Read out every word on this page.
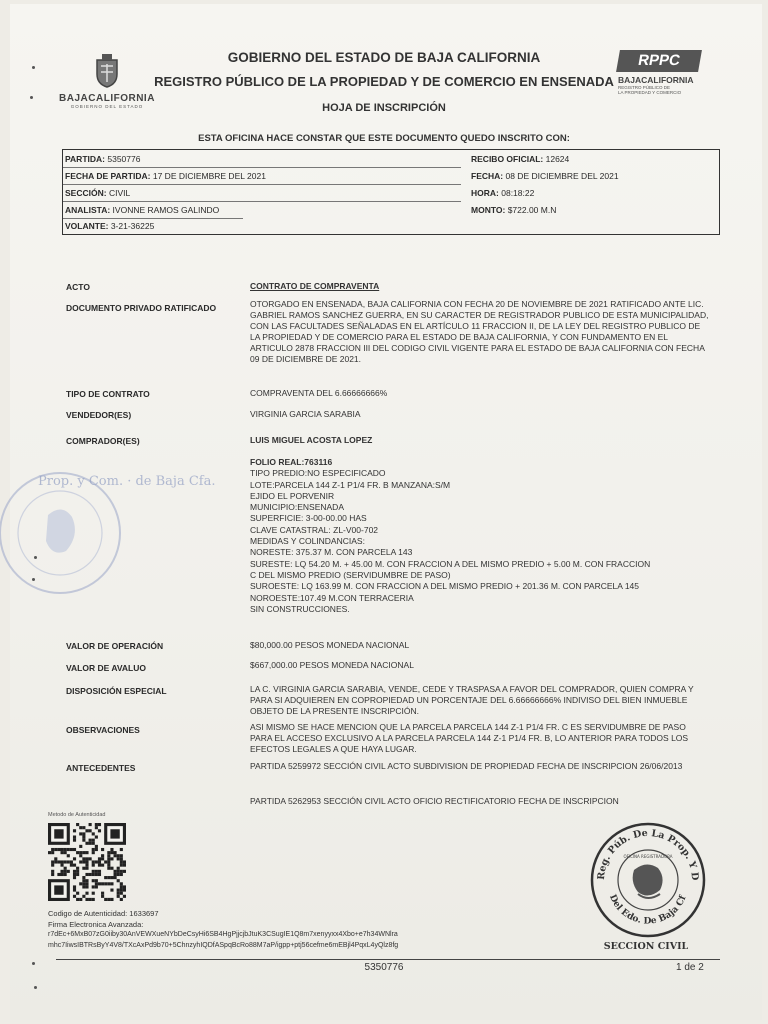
BAJACALIFORNIA
GOBIERNO DEL ESTADO
RPPC
BAJACALIFORNIA
REGISTRO PÚBLICO DE
LA PROPIEDAD Y COMERCIO
GOBIERNO DEL ESTADO DE BAJA CALIFORNIA
REGISTRO PÚBLICO DE LA PROPIEDAD Y DE COMERCIO EN ENSENADA
HOJA DE INSCRIPCIÓN
ESTA OFICINA HACE CONSTAR QUE ESTE DOCUMENTO QUEDO INSCRITO CON:
PARTIDA: 5350776
FECHA DE PARTIDA: 17 DE DICIEMBRE DEL 2021
SECCIÓN: CIVIL
ANALISTA: IVONNE RAMOS GALINDO
VOLANTE: 3-21-36225
RECIBO OFICIAL: 12624
FECHA: 08 DE DICIEMBRE DEL 2021
HORA: 08:18:22
MONTO: $722.00 M.N
ACTO	CONTRATO DE COMPRAVENTA
DOCUMENTO PRIVADO RATIFICADO	OTORGADO EN ENSENADA, BAJA CALIFORNIA CON FECHA 20 DE NOVIEMBRE DE 2021 RATIFICADO ANTE LIC. GABRIEL RAMOS SANCHEZ GUERRA, EN SU CARACTER DE REGISTRADOR PUBLICO DE ESTA MUNICIPALIDAD, CON LAS FACULTADES SEÑALADAS EN EL ARTÍCULO 11 FRACCION II, DE LA LEY DEL REGISTRO PUBLICO DE LA PROPIEDAD Y DE COMERCIO PARA EL ESTADO DE BAJA CALIFORNIA, Y CON FUNDAMENTO EN EL ARTICULO 2878 FRACCION III DEL CODIGO CIVIL VIGENTE PARA EL ESTADO DE BAJA CALIFORNIA CON FECHA 09 DE DICIEMBRE DE 2021.
TIPO DE CONTRATO	COMPRAVENTA DEL 6.66666666%
VENDEDOR(ES)	VIRGINIA GARCIA SARABIA
COMPRADOR(ES)	LUIS MIGUEL ACOSTA LOPEZ
FOLIO REAL:763116
TIPO PREDIO:NO ESPECIFICADO
LOTE:PARCELA 144 Z-1 P1/4 FR. B MANZANA:S/M
EJIDO EL PORVENIR
MUNICIPIO:ENSENADA
SUPERFICIE: 3-00-00.00 HAS
CLAVE CATASTRAL: ZL-V00-702
MEDIDAS Y COLINDANCIAS:
NORESTE: 375.37 M. CON PARCELA 143
SURESTE: LQ 54.20 M. + 45.00 M. CON FRACCION A DEL MISMO PREDIO + 5.00 M. CON FRACCION
C DEL MISMO PREDIO (SERVIDUMBRE DE PASO)
SUROESTE: LQ 163.99 M. CON FRACCION A DEL MISMO PREDIO + 201.36 M. CON PARCELA 145
NOROESTE:107.49 M.CON TERRACERIA
SIN CONSTRUCCIONES.
VALOR DE OPERACIÓN	$80,000.00 PESOS MONEDA NACIONAL
VALOR DE AVALUO	$667,000.00 PESOS MONEDA NACIONAL
DISPOSICIÓN ESPECIAL	LA C. VIRGINIA GARCIA SARABIA, VENDE, CEDE Y TRASPASA A FAVOR DEL COMPRADOR, QUIEN COMPRA Y PARA SI ADQUIEREN EN COPROPIEDAD UN PORCENTAJE DEL 6.66666666% INDIVISO DEL BIEN INMUEBLE OBJETO DE LA PRESENTE INSCRIPCIÓN.
OBSERVACIONES	ASI MISMO SE HACE MENCION QUE LA PARCELA PARCELA 144 Z-1 P1/4 FR. C ES SERVIDUMBRE DE PASO PARA EL ACCESO EXCLUSIVO A LA PARCELA PARCELA 144 Z-1 P1/4 FR. B, LO ANTERIOR PARA TODOS LOS EFECTOS LEGALES A QUE HAYA LUGAR.
ANTECEDENTES	PARTIDA 5259972 SECCIÓN CIVIL ACTO SUBDIVISION DE PROPIEDAD FECHA DE INSCRIPCION 26/06/2013
PARTIDA 5262953 SECCIÓN CIVIL ACTO OFICIO RECTIFICATORIO FECHA DE INSCRIPCION
Prop. y Com. · de Baja Cfa.
Metodo de Autenticidad
Codigo de Autenticidad: 1633697
Firma Electronica Avanzada:
r7dEc+6MxB07zG0iiby30AnVEWXueNYbDeCsyHi6SB4HgPjjcjbJtuK3CSugIE1Q8m7xenyyxx4Xbo+e7h34WNlra
mhc7IiwsIBTRsByY4V8/TXcAxPd9b70+5ChnzyhIQDfASpqBcRo88M7aP/igpp+ptj56cefme6mEBjl4PqxL4yQlz8fg
Reg. Púb. De La Prop. Y D
Del Edo. De Baja Cf
OFICINA REGISTRADORA
SECCION CIVIL
5350776	1 de 2
